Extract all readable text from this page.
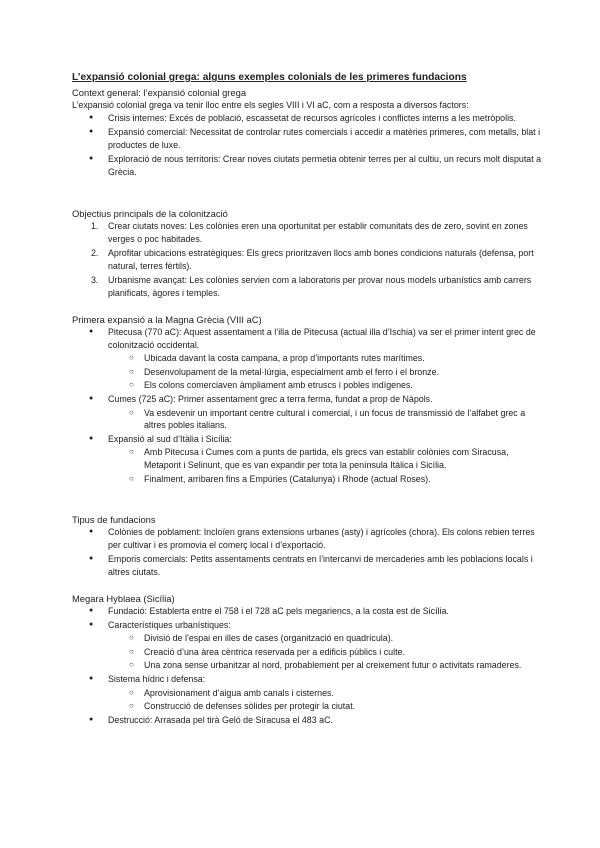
L’expansió colonial grega: alguns exemples colonials de les primeres fundacions
Context general: l’expansió colonial grega

L’expansió colonial grega va tenir lloc entre els segles VIII i VI aC, com a resposta a diversos factors:

● Crisis internes: Excés de població, escassetat de recursos agrícoles i conflictes interns a les metròpolis.
● Expansió comercial: Necessitat de controlar rutes comercials i accedir a matèries primeres, com metalls, blat i productes de luxe.
● Exploració de nous territoris: Crear noves ciutats permetia obtenir terres per al cultiu, un recurs molt disputat a Grècia.
Objectius principals de la colonització
1. Crear ciutats noves: Les colònies eren una oportunitat per establir comunitats des de zero, sovint en zones verges o poc habitades.
2. Aprofitar ubicacions estratègiques: Els grecs prioritzaven llocs amb bones condicions naturals (defensa, port natural, terres fèrtils).
3. Urbanisme avançat: Les colònies servien com a laboratoris per provar nous models urbanístics amb carrers planificats, àgores i temples.
Primera expansió a la Magna Grècia (VIII aC)
● Pitecusa (770 aC): Aquest assentament a l’illa de Pitecusa (actual illa d’Ischia) va ser el primer intent grec de colonització occidental.
○ Ubicada davant la costa campana, a prop d’importants rutes marítimes.
○ Desenvolupament de la metal·lúrgia, especialment amb el ferro i el bronze.
○ Els colons comerciaven àmpliament amb etruscs i pobles indígenes.
● Cumes (725 aC): Primer assentament grec a terra ferma, fundat a prop de Nàpols.
○ Va esdevenir un important centre cultural i comercial, i un focus de transmissió de l’alfabet grec a altres pobles italians.
● Expansió al sud d’Itàlia i Sicília:
○ Amb Pitecusa i Cumes com a punts de partida, els grecs van establir colònies com Siracusa, Metapont i Selinunt, que es van expandir per tota la península Itàlica i Sicília.
○ Finalment, arribaren fins a Empúries (Catalunya) i Rhode (actual Roses).
Tipus de fundacions
● Colònies de poblament: Incloïen grans extensions urbanes (asty) i agrícoles (chora). Els colons rebien terres per cultivar i es promovia el comerç local i d’exportació.
● Emporis comercials: Petits assentaments centrats en l’intercanvi de mercaderies amb les poblacions locals i altres ciutats.
Megara Hyblaea (Sicília)
● Fundació: Establerta entre el 758 i el 728 aC pels megariencs, a la costa est de Sicília.
● Característiques urbanístiques:
○ Divisió de l’espai en illes de cases (organització en quadrícula).
○ Creació d’una àrea cèntrica reservada per a edificis públics i culte.
○ Una zona sense urbanitzar al nord, probablement per al creixement futur o activitats ramaderes.
● Sistema hídric i defensa:
○ Aprovisionament d’aigua amb canals i cisternes.
○ Construcció de defenses sòlides per protegir la ciutat.
● Destrucció: Arrasada pel tirà Geló de Siracusa el 483 aC.
